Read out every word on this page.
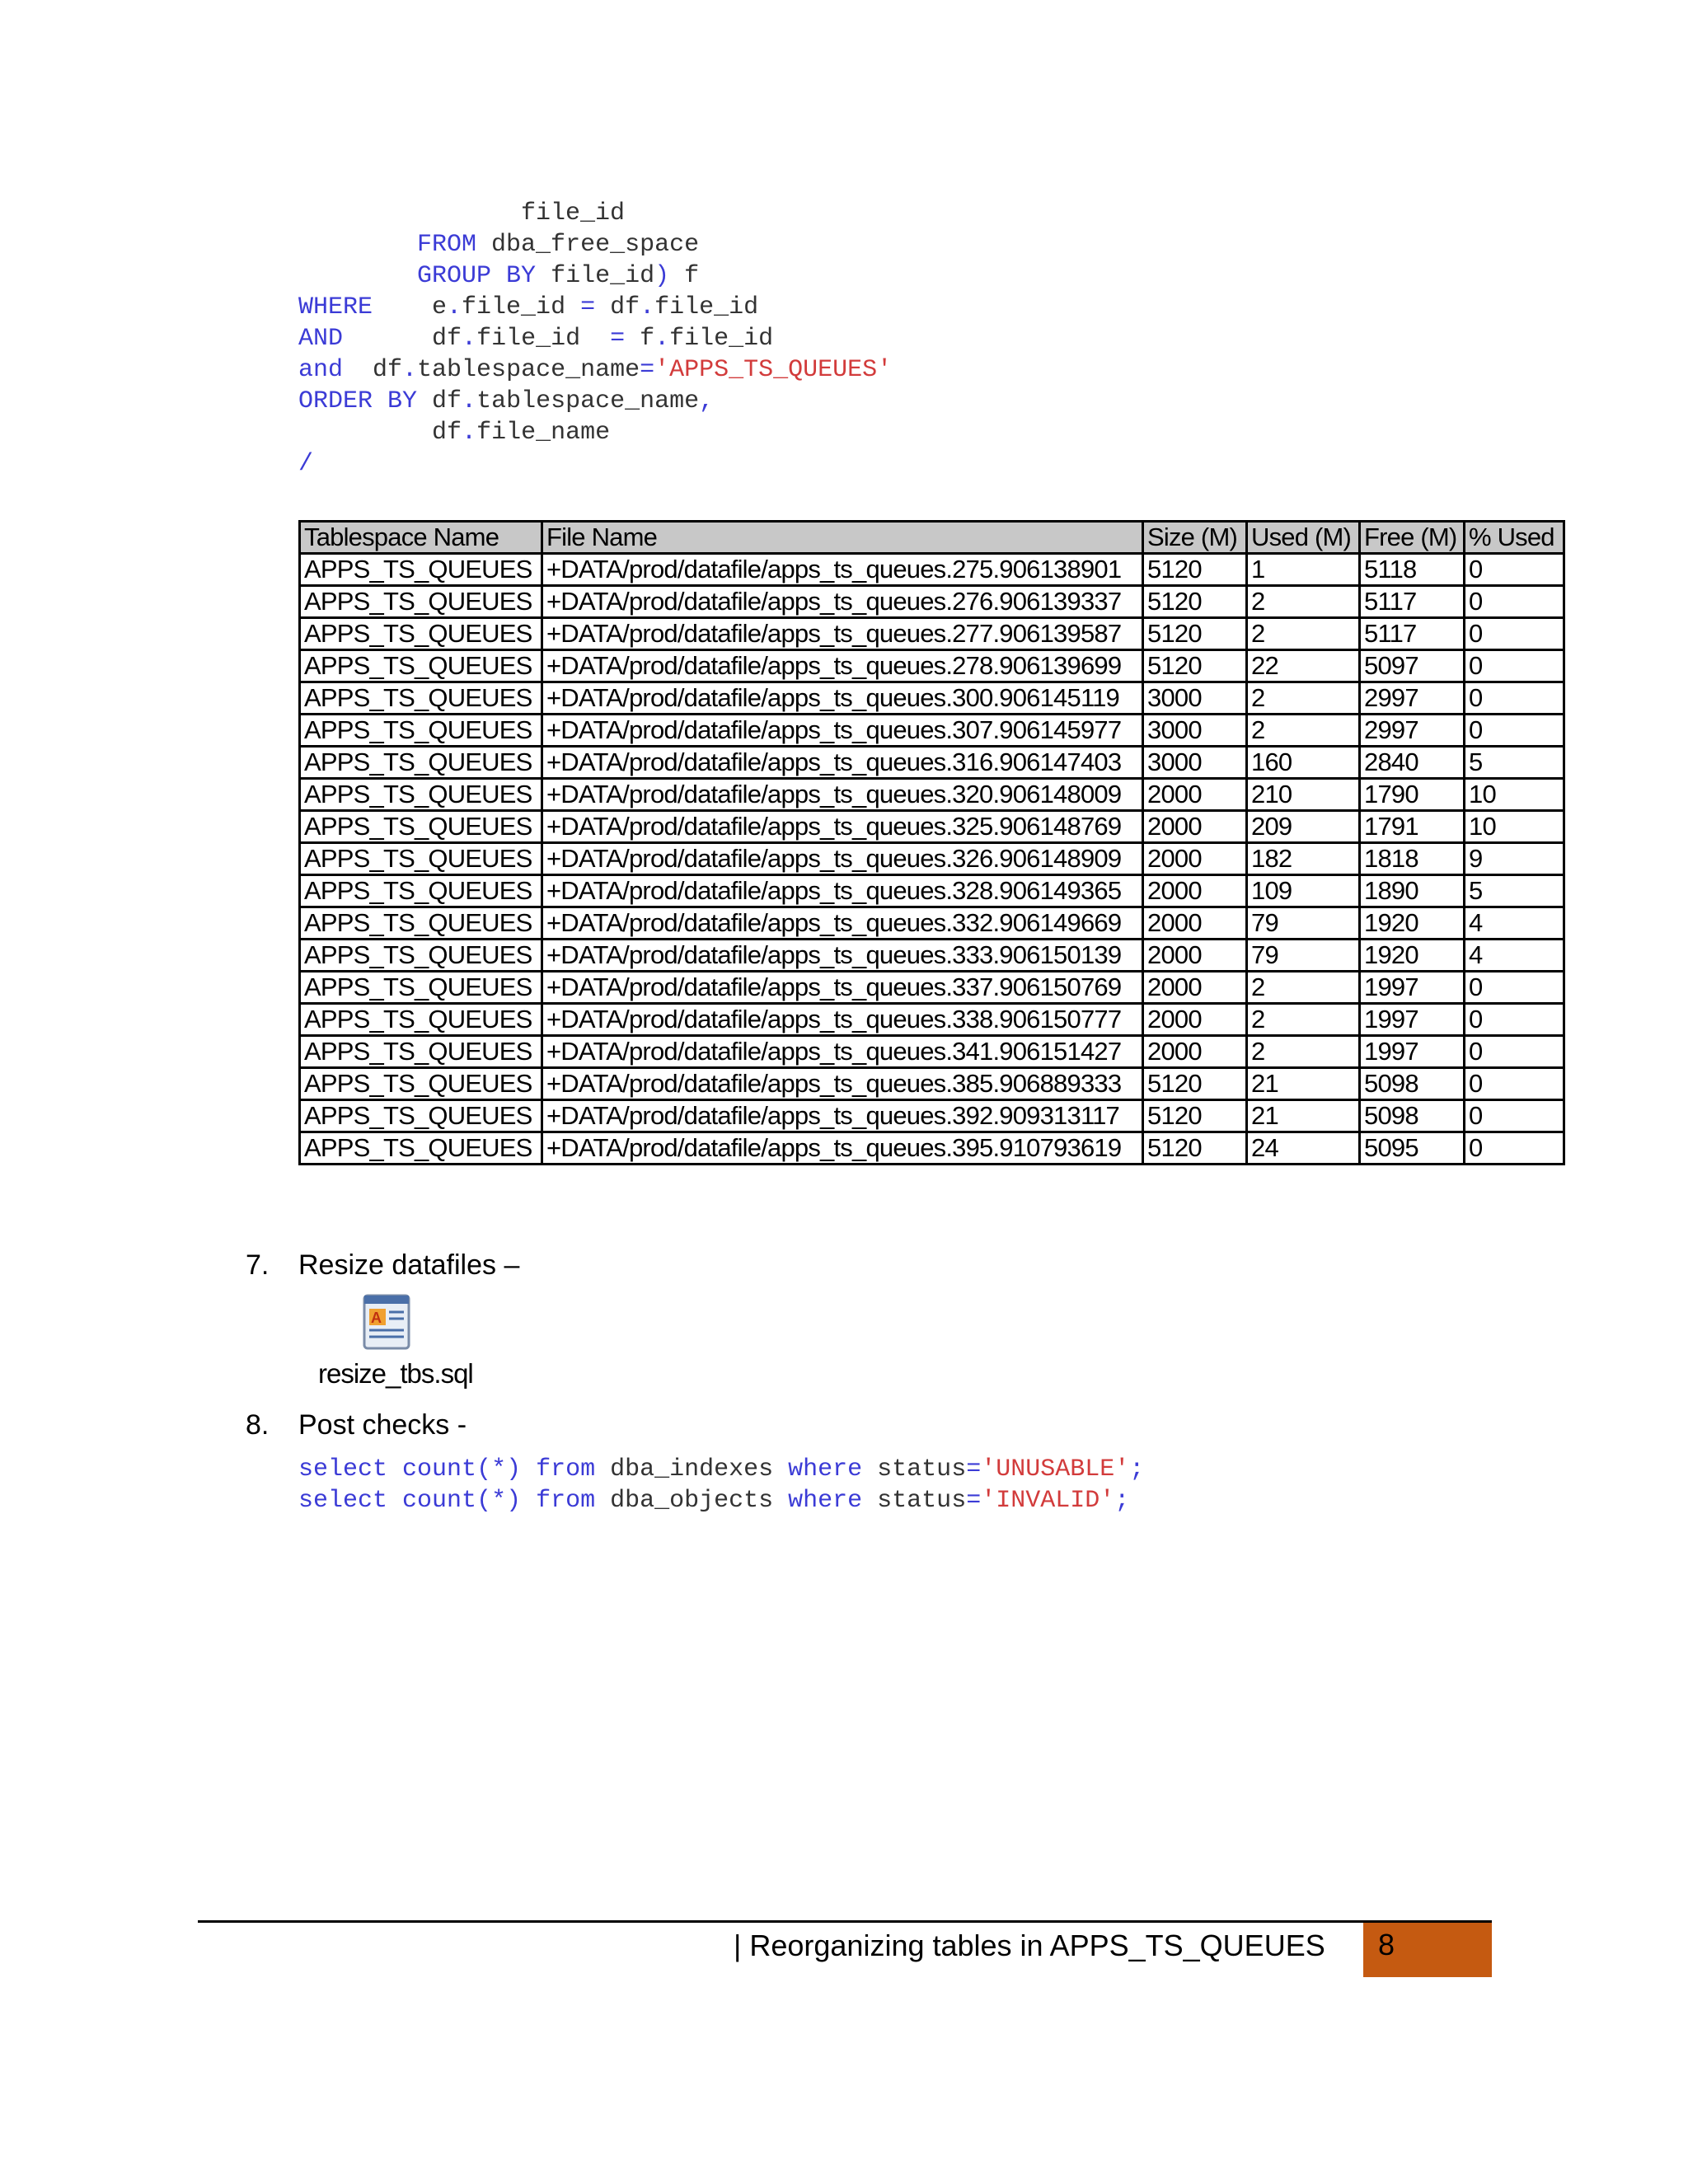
file_id
FROM dba_free_space
GROUP BY file_id) f
WHERE    e.file_id = df.file_id
AND      df.file_id  = f.file_id
and  df.tablespace_name='APPS_TS_QUEUES'
ORDER BY df.tablespace_name,
df.file_name
/
Tablespace Name	File Name	Size (M)	Used (M)	Free (M)	% Used
APPS_TS_QUEUES	+DATA/prod/datafile/apps_ts_queues.275.906138901	5120	1	5118	0
APPS_TS_QUEUES	+DATA/prod/datafile/apps_ts_queues.276.906139337	5120	2	5117	0
APPS_TS_QUEUES	+DATA/prod/datafile/apps_ts_queues.277.906139587	5120	2	5117	0
APPS_TS_QUEUES	+DATA/prod/datafile/apps_ts_queues.278.906139699	5120	22	5097	0
APPS_TS_QUEUES	+DATA/prod/datafile/apps_ts_queues.300.906145119	3000	2	2997	0
APPS_TS_QUEUES	+DATA/prod/datafile/apps_ts_queues.307.906145977	3000	2	2997	0
APPS_TS_QUEUES	+DATA/prod/datafile/apps_ts_queues.316.906147403	3000	160	2840	5
APPS_TS_QUEUES	+DATA/prod/datafile/apps_ts_queues.320.906148009	2000	210	1790	10
APPS_TS_QUEUES	+DATA/prod/datafile/apps_ts_queues.325.906148769	2000	209	1791	10
APPS_TS_QUEUES	+DATA/prod/datafile/apps_ts_queues.326.906148909	2000	182	1818	9
APPS_TS_QUEUES	+DATA/prod/datafile/apps_ts_queues.328.906149365	2000	109	1890	5
APPS_TS_QUEUES	+DATA/prod/datafile/apps_ts_queues.332.906149669	2000	79	1920	4
APPS_TS_QUEUES	+DATA/prod/datafile/apps_ts_queues.333.906150139	2000	79	1920	4
APPS_TS_QUEUES	+DATA/prod/datafile/apps_ts_queues.337.906150769	2000	2	1997	0
APPS_TS_QUEUES	+DATA/prod/datafile/apps_ts_queues.338.906150777	2000	2	1997	0
APPS_TS_QUEUES	+DATA/prod/datafile/apps_ts_queues.341.906151427	2000	2	1997	0
APPS_TS_QUEUES	+DATA/prod/datafile/apps_ts_queues.385.906889333	5120	21	5098	0
APPS_TS_QUEUES	+DATA/prod/datafile/apps_ts_queues.392.909313117	5120	21	5098	0
APPS_TS_QUEUES	+DATA/prod/datafile/apps_ts_queues.395.910793619	5120	24	5095	0
7. Resize datafiles –
A
resize_tbs.sql
8. Post checks -
select count(*) from dba_indexes where status='UNUSABLE';
select count(*) from dba_objects where status='INVALID';
| Reorganizing tables in APPS_TS_QUEUES	8
